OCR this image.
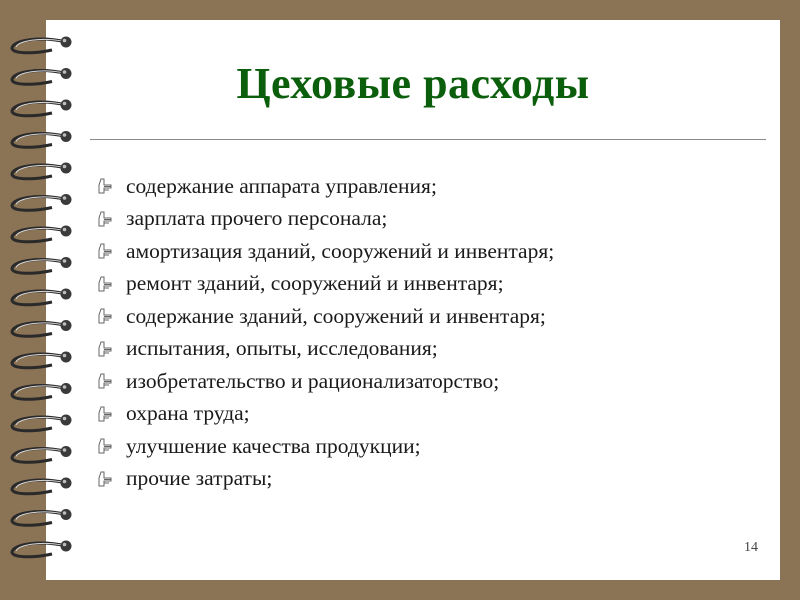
Цеховые расходы
содержание аппарата управления;
зарплата прочего персонала;
амортизация зданий, сооружений и инвентаря;
ремонт зданий, сооружений и инвентаря;
содержание зданий, сооружений и инвентаря;
испытания, опыты, исследования;
изобретательство и рационализаторство;
охрана труда;
улучшение качества продукции;
прочие затраты;
14
